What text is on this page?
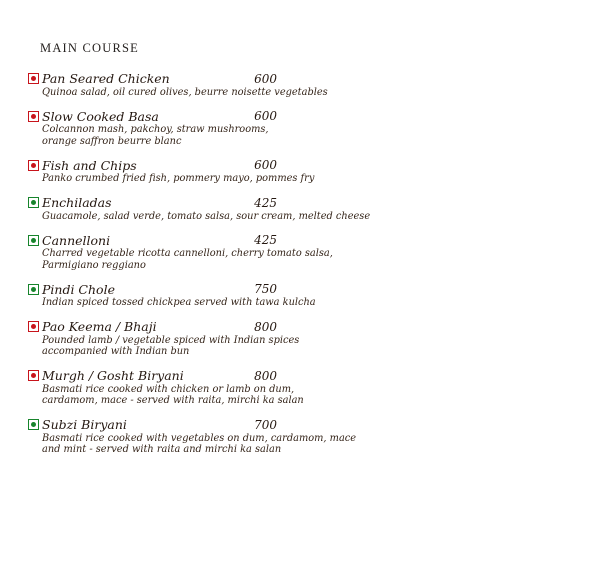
MAIN COURSE
Pan Seared Chicken	600
Quinoa salad, oil cured olives, beurre noisette vegetables
Slow Cooked Basa	600
Colcannon mash, pakchoy, straw mushrooms,
orange saffron beurre blanc
Fish and Chips	600
Panko crumbed fried fish, pommery mayo, pommes fry
Enchiladas	425
Guacamole, salad verde, tomato salsa, sour cream, melted cheese
Cannelloni	425
Charred vegetable ricotta cannelloni, cherry tomato salsa,
Parmigiano reggiano
Pindi Chole	750
Indian spiced tossed chickpea served with tawa kulcha
Pao Keema / Bhaji	800
Pounded lamb / vegetable spiced with Indian spices
accompanied with Indian bun
Murgh / Gosht Biryani	800
Basmati rice cooked with chicken or lamb on dum,
cardamom, mace - served with raita, mirchi ka salan
Subzi Biryani	700
Basmati rice cooked with vegetables on dum, cardamom, mace
and mint - served with raita and mirchi ka salan
